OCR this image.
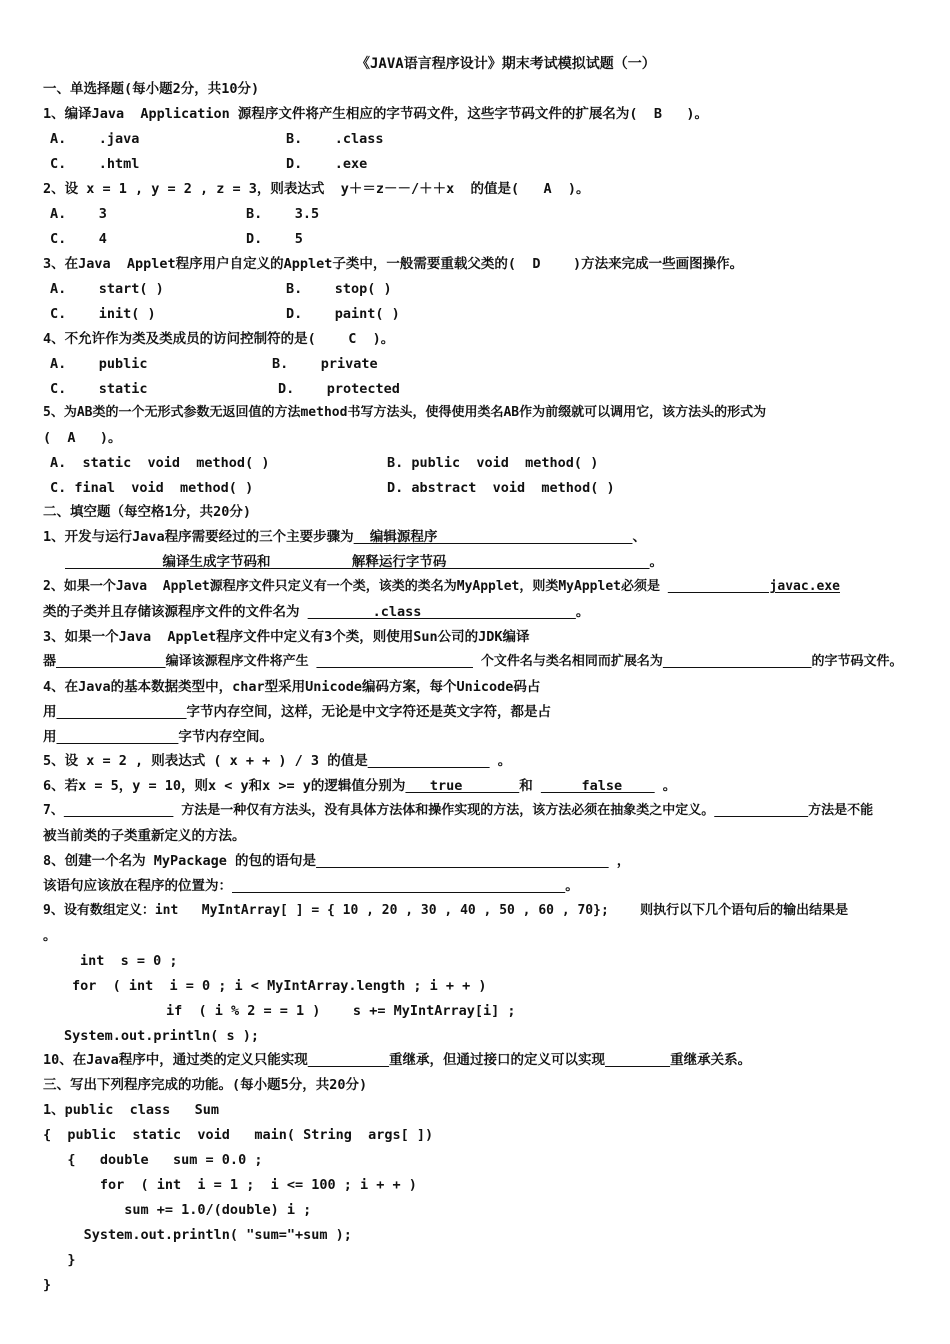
《JAVA语言程序设计》期末考试模拟试题（一）
一、单选择题(每小题2分，共10分)
1、编译Java  Application 源程序文件将产生相应的字节码文件，这些字节码文件的扩展名为(  B   )。
A.    .java	B.    .class
C.    .html	D.    .exe
2、设 x = 1 , y = 2 , z = 3，则表达式  y＋＝z－－/＋＋x  的值是(   A  )。
A.    3	B.    3.5
C.    4	D.    5
3、在Java  Applet程序用户自定义的Applet子类中，一般需要重载父类的(  D    )方法来完成一些画图操作。
A.    start( )	B.    stop( )
C.    init( )	D.    paint( )
4、不允许作为类及类成员的访问控制符的是(    C  )。
A.    public	B.    private
C.    static	D.    protected
5、为AB类的一个无形式参数无返回值的方法method书写方法头，使得使用类名AB作为前缀就可以调用它，该方法头的形式为
(  A   )。
A.  static  void  method( )	B. public  void  method( )
C. final  void  method( )	D. abstract  void  method( )
二、填空题（每空格1分，共20分)
1、开发与运行Java程序需要经过的三个主要步骤为  编辑源程序                        、
编译生成字节码和          解释运行字节码                         。
2、如果一个Java  Applet源程序文件只定义有一个类，该类的类名为MyApplet，则类MyApplet必须是              javac.exe
类的子类并且存储该源程序文件的文件名为         .class                   。
3、如果一个Java  Applet程序文件中定义有3个类，则使用Sun公司的JDK编译
器	编译该源程序文件将产生	个文件名与类名相同而扩展名为	的字节码文件。
4、在Java的基本数据类型中，char型采用Unicode编码方案，每个Unicode码占
用	字节内存空间，这样，无论是中文字符还是英文字符，都是占
用	字节内存空间。
5、设 x = 2 , 则表达式 ( x + + ) / 3 的值是	。
6、若x = 5，y = 10，则x < y和x >= y的逻辑值分别为   true       和      false     。
7、	方法是一种仅有方法头，没有具体方法体和操作实现的方法，该方法必须在抽象类之中定义。	方法是不能
被当前类的子类重新定义的方法。
8、创建一个名为 MyPackage 的包的语句是	，
该语句应该放在程序的位置为：	。
9、设有数组定义：int   MyIntArray[ ] = { 10 , 20 , 30 , 40 , 50 , 60 , 70};    则执行以下几个语句后的输出结果是
。
int  s = 0 ;
for  ( int  i = 0 ; i < MyIntArray.length ; i + + )
if  ( i % 2 = = 1 )    s += MyIntArray[i] ;
System.out.println( s );
10、在Java程序中，通过类的定义只能实现	重继承，但通过接口的定义可以实现	重继承关系。
三、写出下列程序完成的功能。(每小题5分，共20分)
1、public  class   Sum
{  public  static  void   main( String  args[ ])
{   double   sum = 0.0 ;
for  ( int  i = 1 ;  i <= 100 ; i + + )
sum += 1.0/(double) i ;
System.out.println( "sum="+sum );
}
}
